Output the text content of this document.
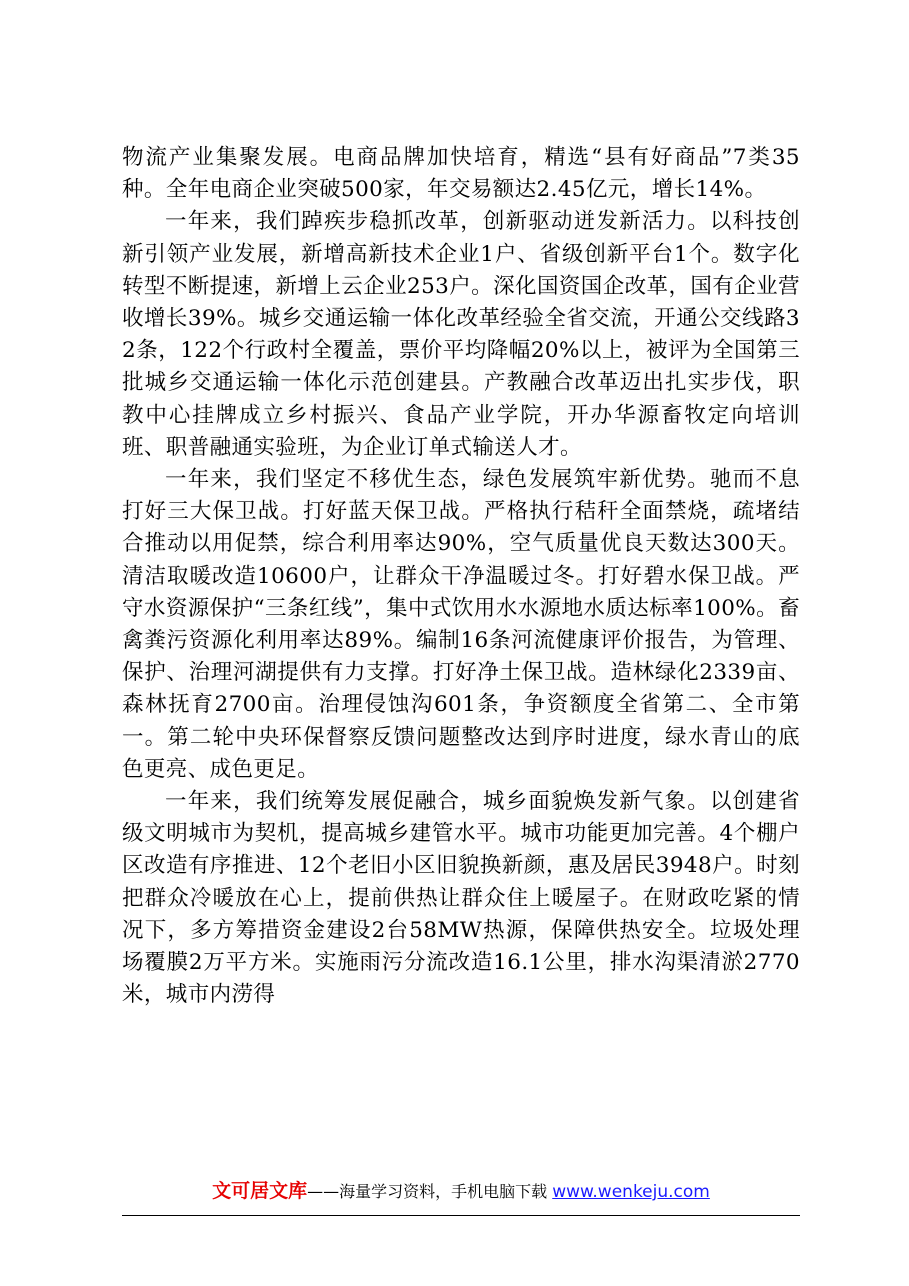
物流产业集聚发展。电商品牌加快培育，精选“县有好商品”7类35种。全年电商企业突破500家，年交易额达2.45亿元，增长14%。

一年来，我们踔疾步稳抓改革，创新驱动迸发新活力。以科技创新引领产业发展，新增高新技术企业1户、省级创新平台1个。数字化转型不断提速，新增上云企业253户。深化国资国企改革，国有企业营收增长39%。城乡交通运输一体化改革经验全省交流，开通公交线路32条，122个行政村全覆盖，票价平均降幅20%以上，被评为全国第三批城乡交通运输一体化示范创建县。产教融合改革迈出扎实步伐，职教中心挂牌成立乡村振兴、食品产业学院，开办华源畜牧定向培训班、职普融通实验班，为企业订单式输送人才。

一年来，我们坚定不移优生态，绿色发展筑牢新优势。驰而不息打好三大保卫战。打好蓝天保卫战。严格执行秸秆全面禁烧，疏堵结合推动以用促禁，综合利用率达90%，空气质量优良天数达300天。清洁取暖改造10600户，让群众干净温暖过冬。打好碧水保卫战。严守水资源保护“三条红线”，集中式饮用水水源地水质达标率100%。畜禽粪污资源化利用率达89%。编制16条河流健康评价报告，为管理、保护、治理河湖提供有力支撑。打好净土保卫战。造林绿化2339亩、森林抚育2700亩。治理侵蚀沟601条，争资额度全省第二、全市第一。第二轮中央环保督察反馈问题整改达到序时进度，绿水青山的底色更亮、成色更足。

一年来，我们统筹发展促融合，城乡面貌焕发新气象。以创建省级文明城市为契机，提高城乡建管水平。城市功能更加完善。4个棚户区改造有序推进、12个老旧小区旧貌换新颜，惠及居民3948户。时刻把群众冷暖放在心上，提前供热让群众住上暖屋子。在财政吃紧的情况下，多方筹措资金建设2台58MW热源，保障供热安全。垃圾处理场覆膜2万平方米。实施雨污分流改造16.1公里，排水沟渠清淤2770米，城市内涝得

文可居文库——海量学习资料，手机电脑下载 www.wenkeju.com
